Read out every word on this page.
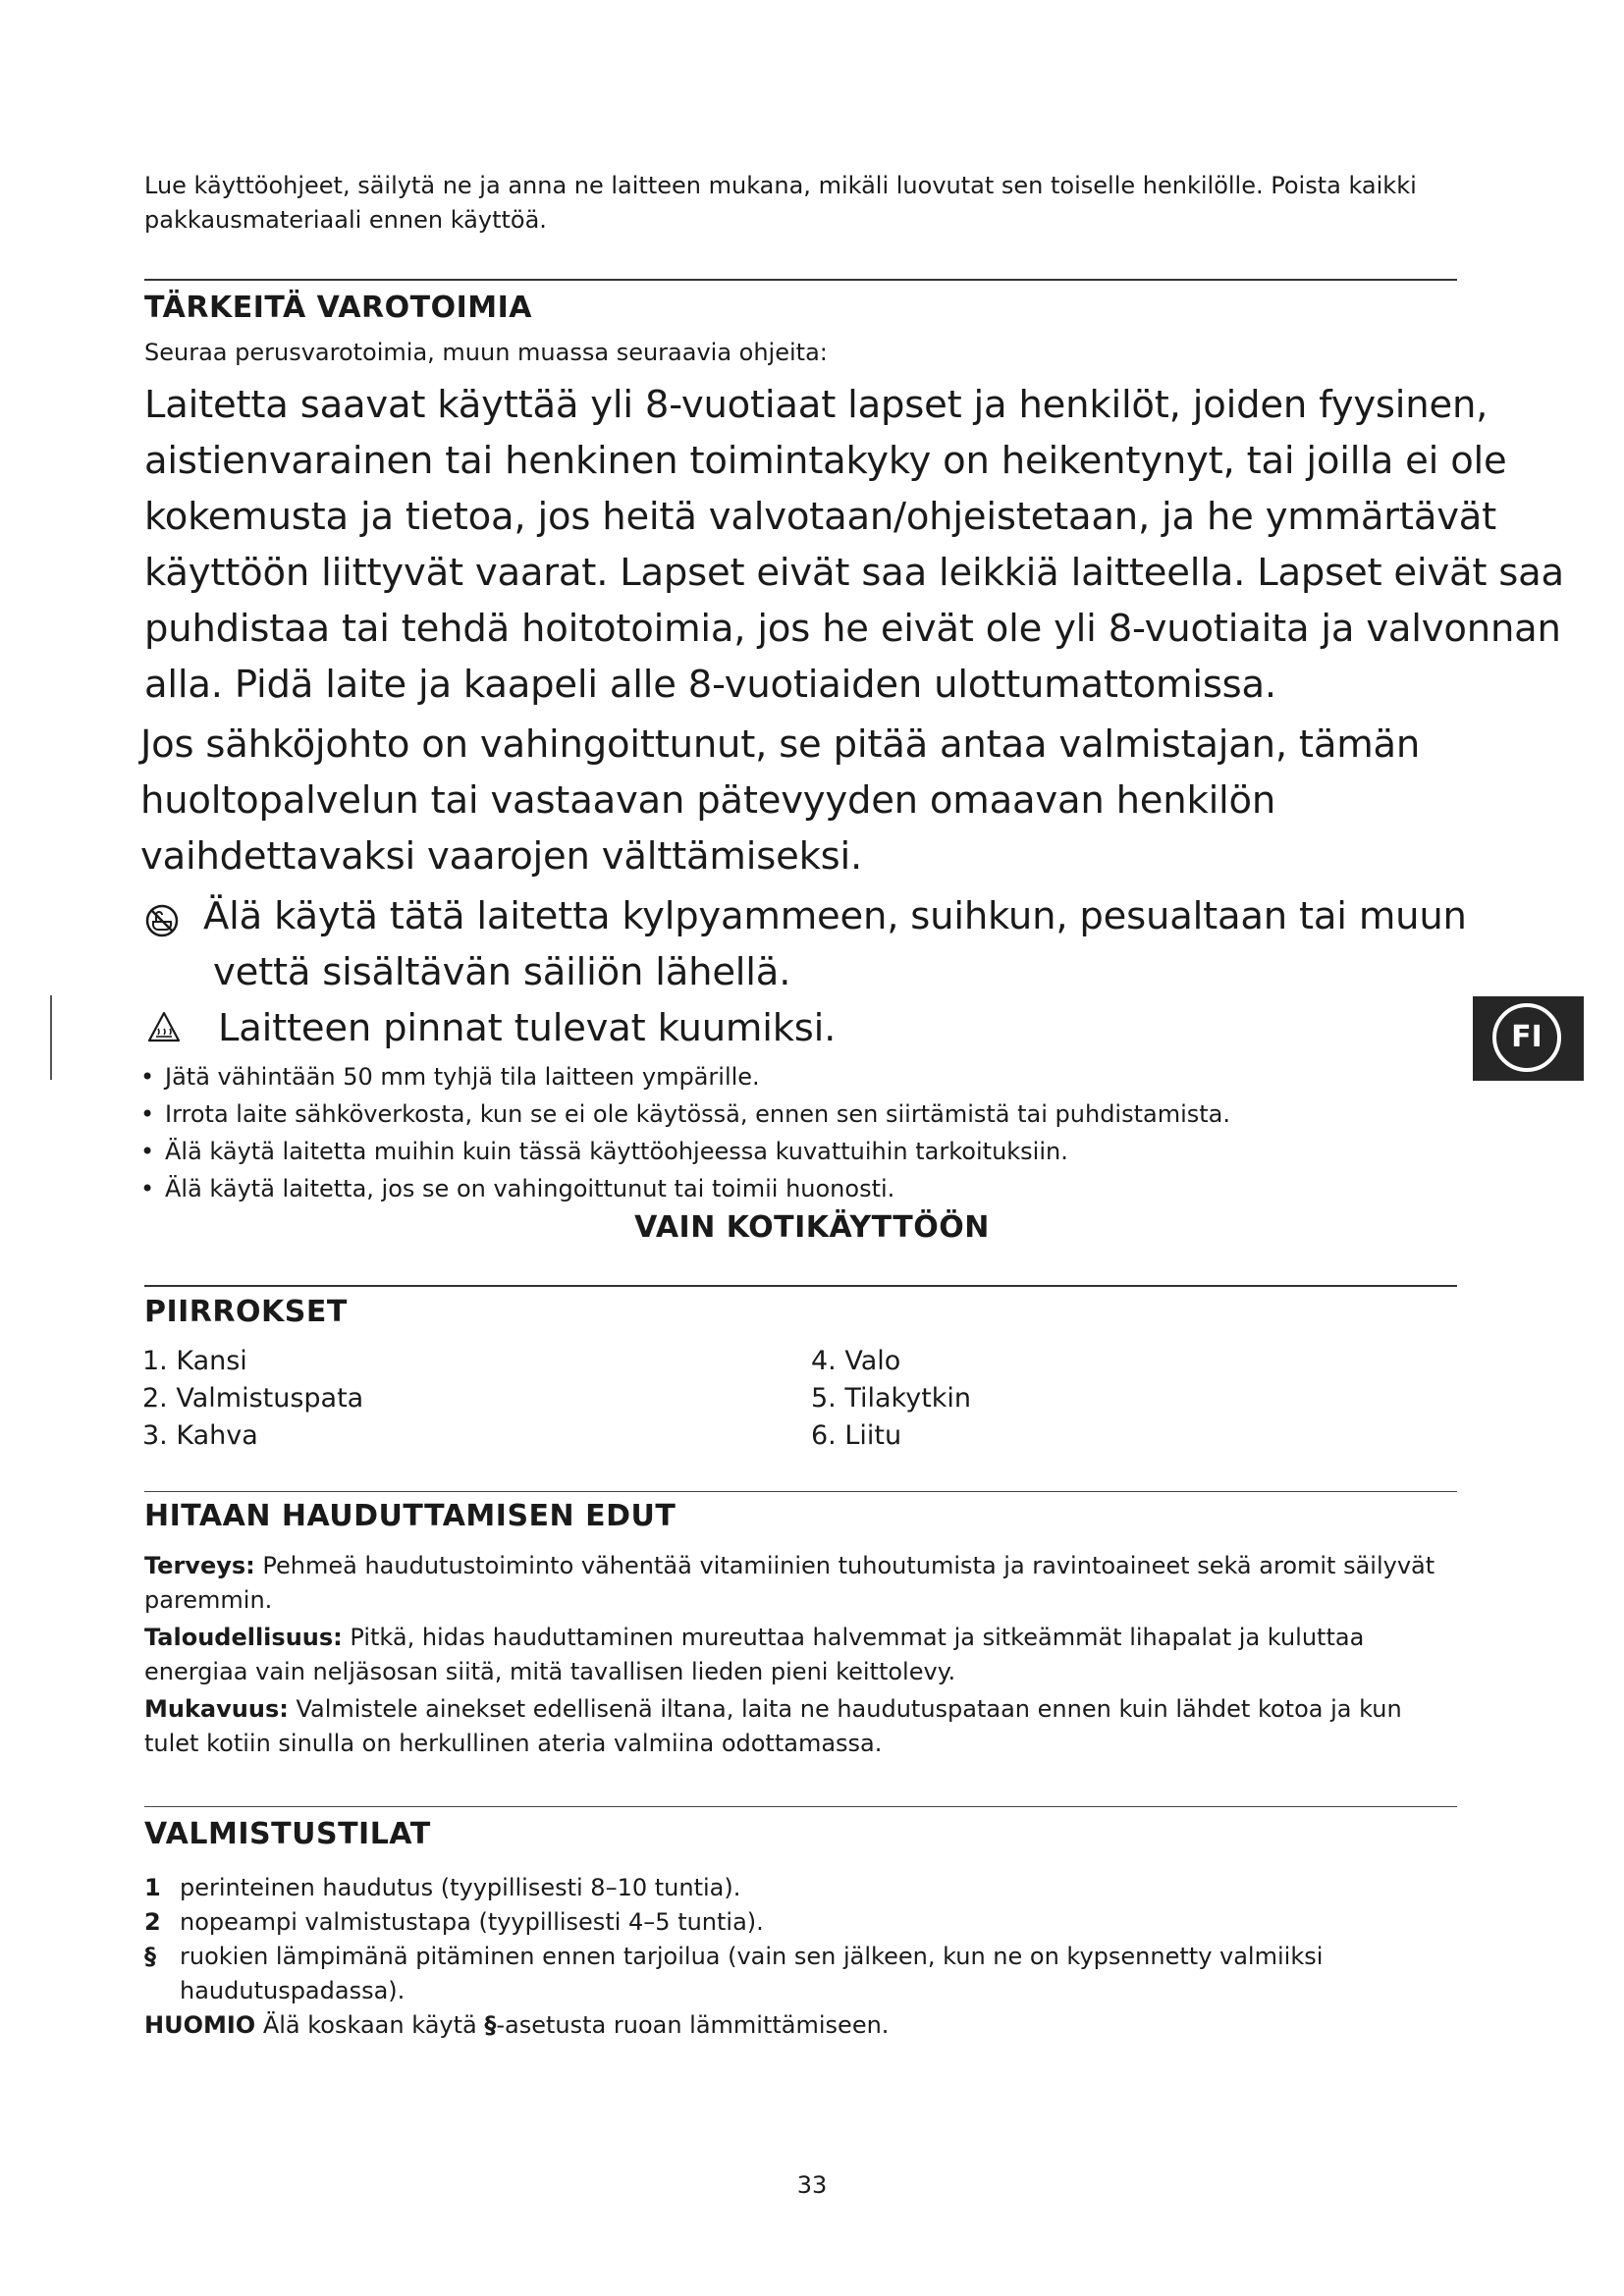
Lue käyttöohjeet, säilytä ne ja anna ne laitteen mukana, mikäli luovutat sen toiselle henkilölle. Poista kaikki pakkausmateriaali ennen käyttöä.
TÄRKEITÄ VAROTOIMIA
Seuraa perusvarotoimia, muun muassa seuraavia ohjeita:
Laitetta saavat käyttää yli 8-vuotiaat lapset ja henkilöt, joiden fyysinen,
aistienvarainen tai henkinen toimintakyky on heikentynyt, tai joilla ei ole
kokemusta ja tietoa, jos heitä valvotaan/ohjeistetaan, ja he ymmärtävät
käyttöön liittyvät vaarat. Lapset eivät saa leikkiä laitteella. Lapset eivät saa
puhdistaa tai tehdä hoitotoimia, jos he eivät ole yli 8-vuotiaita ja valvonnan
alla. Pidä laite ja kaapeli alle 8-vuotiaiden ulottumattomissa.
Jos sähköjohto on vahingoittunut, se pitää antaa valmistajan, tämän
huoltopalvelun tai vastaavan pätevyyden omaavan henkilön
vaihdettavaksi vaarojen välttämiseksi.
Älä käytä tätä laitetta kylpyammeen, suihkun, pesualtaan tai muun
vettä sisältävän säiliön lähellä.
Laitteen pinnat tulevat kuumiksi.	FI
• Jätä vähintään 50 mm tyhjä tila laitteen ympärille.
• Irrota laite sähköverkosta, kun se ei ole käytössä, ennen sen siirtämistä tai puhdistamista.
• Älä käytä laitetta muihin kuin tässä käyttöohjeessa kuvattuihin tarkoituksiin.
• Älä käytä laitetta, jos se on vahingoittunut tai toimii huonosti.
VAIN KOTIKÄYTTÖÖN
PIIRROKSET
1. Kansi
2. Valmistuspata
3. Kahva
4. Valo
5. Tilakytkin
6. Liitu
HITAAN HAUDUTTAMISEN EDUT

Terveys: Pehmeä haudutustoiminto vähentää vitamiinien tuhoutumista ja ravintoaineet sekä aromit säilyvät paremmin.

Taloudellisuus: Pitkä, hidas hauduttaminen mureuttaa halvemmat ja sitkeämmät lihapalat ja kuluttaa energiaa vain neljäsosan siitä, mitä tavallisen lieden pieni keittolevy.

Mukavuus: Valmistele ainekset edellisenä iltana, laita ne haudutuspataan ennen kuin lähdet kotoa ja kun tulet kotiin sinulla on herkullinen ateria valmiina odottamassa.

VALMISTUSTILAT
1 perinteinen haudutus (tyypillisesti 8–10 tuntia).
2 nopeampi valmistustapa (tyypillisesti 4–5 tuntia).
§ ruokien lämpimänä pitäminen ennen tarjoilua (vain sen jälkeen, kun ne on kypsennetty valmiiksi haudutuspadassa).
HUOMIO Älä koskaan käytä §-asetusta ruoan lämmittämiseen.
33
